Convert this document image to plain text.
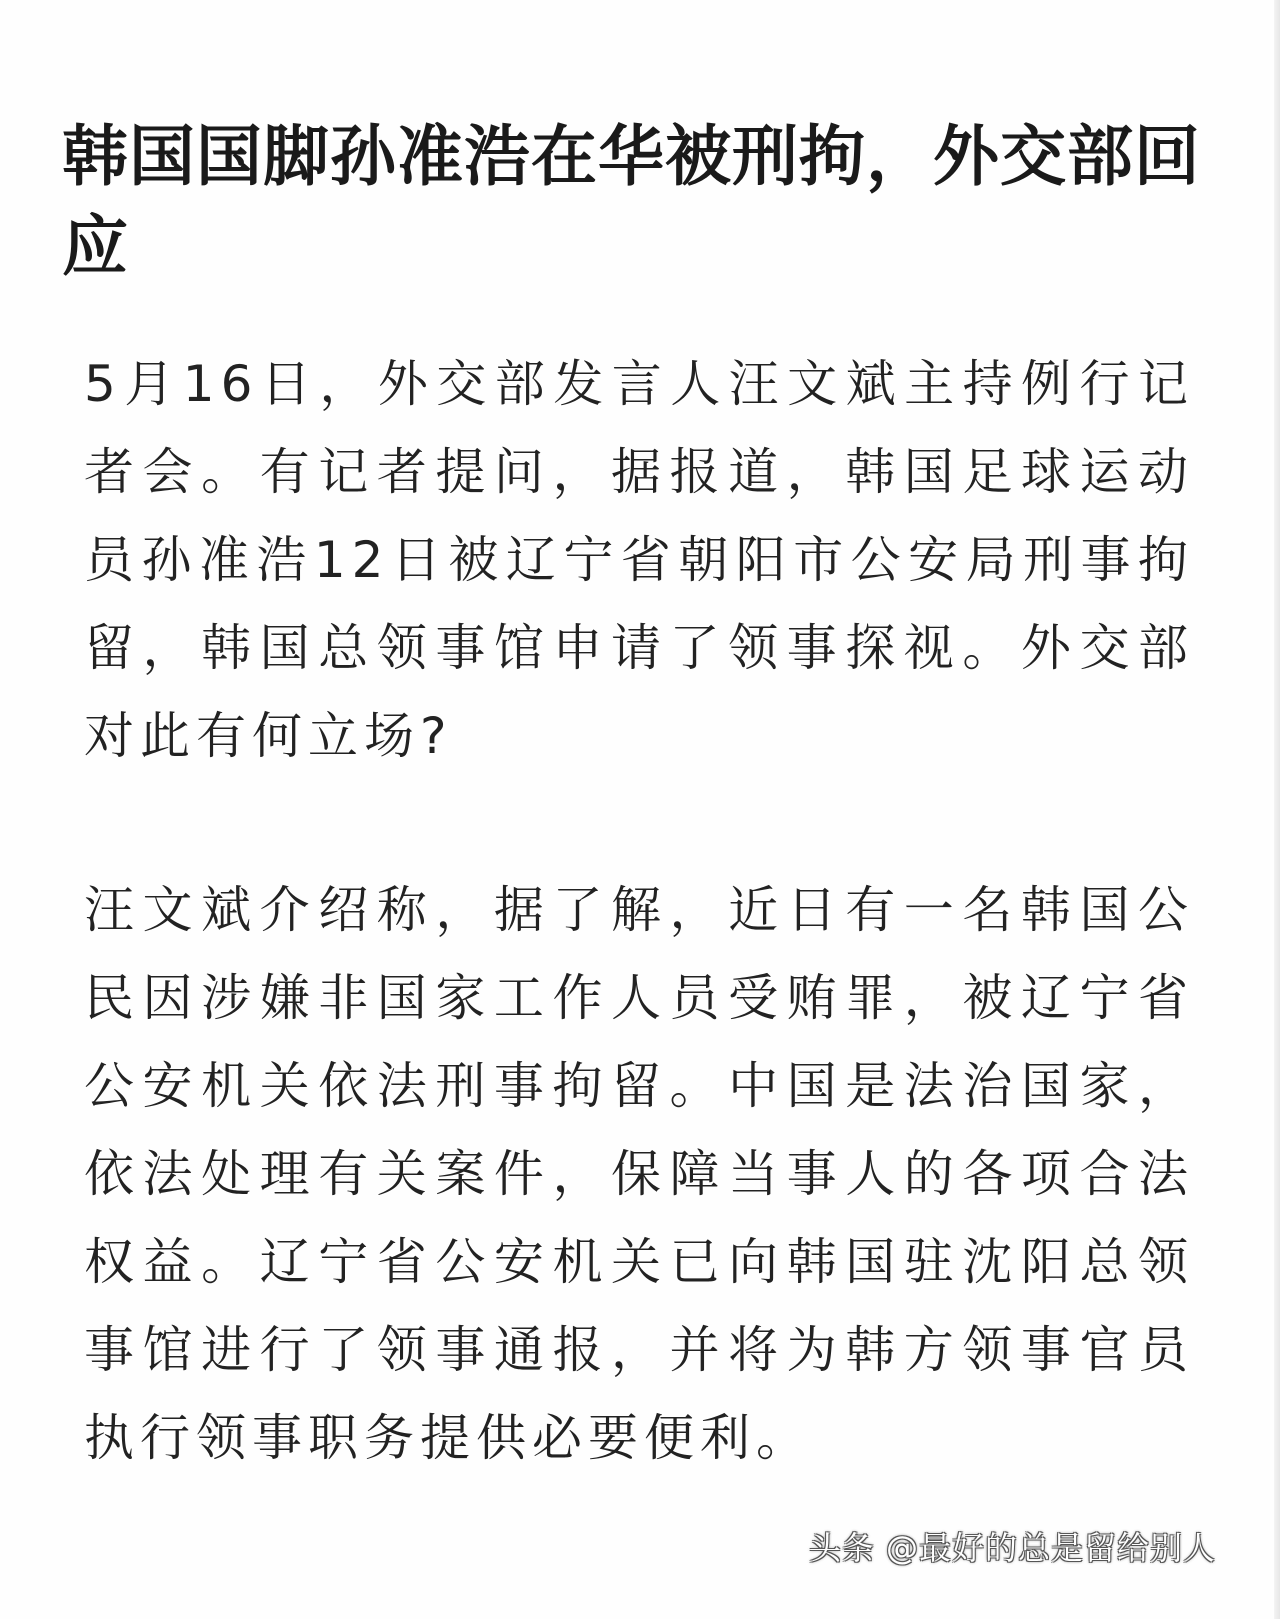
韩国国脚孙准浩在华被刑拘，外交部回应

5月16日，外交部发言人汪文斌主持例行记者会。有记者提问，据报道，韩国足球运动员孙准浩12日被辽宁省朝阳市公安局刑事拘留，韩国总领事馆申请了领事探视。外交部对此有何立场?

汪文斌介绍称，据了解，近日有一名韩国公民因涉嫌非国家工作人员受贿罪，被辽宁省公安机关依法刑事拘留。中国是法治国家，依法处理有关案件，保障当事人的各项合法权益。辽宁省公安机关已向韩国驻沈阳总领事馆进行了领事通报，并将为韩方领事官员执行领事职务提供必要便利。

头条 @最好的总是留给别人
